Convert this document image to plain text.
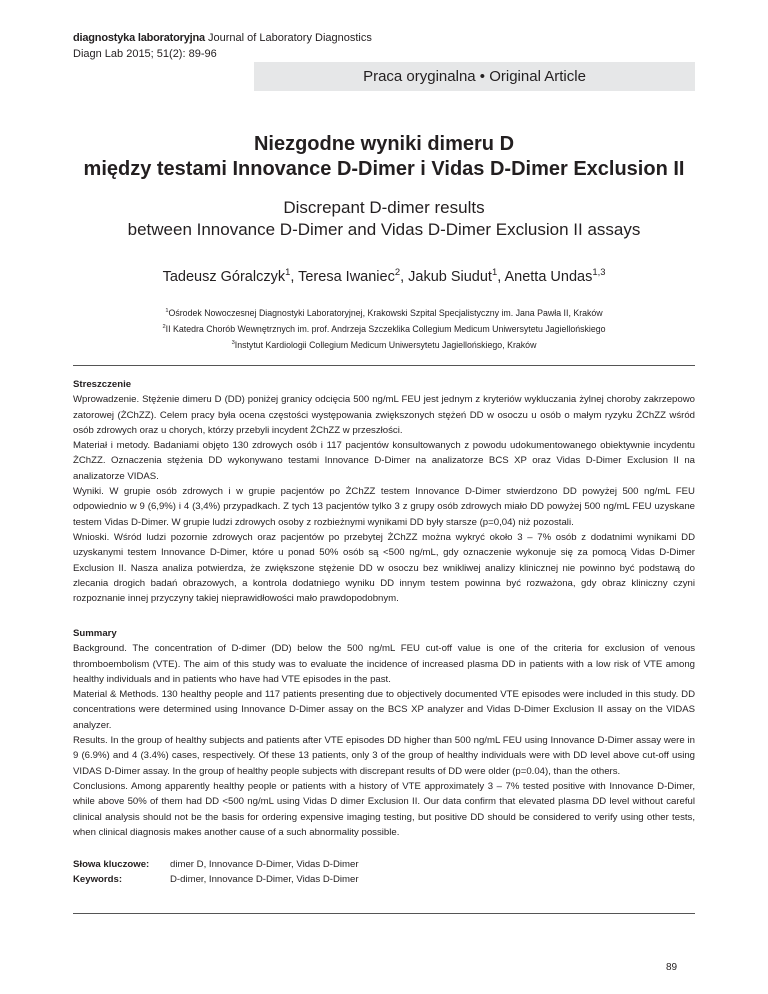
diagnostyka laboratoryjna Journal of Laboratory Diagnostics
Diagn Lab 2015; 51(2): 89-96
Praca oryginalna • Original Article
Niezgodne wyniki dimeru D
między testami Innovance D-Dimer i Vidas D-Dimer Exclusion II
Discrepant D-dimer results
between Innovance D-Dimer and Vidas D-Dimer Exclusion II assays
Tadeusz Góralczyk$^1$, Teresa Iwaniec$^2$, Jakub Siudut$^1$, Anetta Undas$^{1,3}$
$^1$Ośrodek Nowoczesnej Diagnostyki Laboratoryjnej, Krakowski Szpital Specjalistyczny im. Jana Pawła II, Kraków
$^2$II Katedra Chorób Wewnętrznych im. prof. Andrzeja Szczeklika Collegium Medicum Uniwersytetu Jagiellońskiego
$^3$Instytut Kardiologii Collegium Medicum Uniwersytetu Jagiellońskiego, Kraków

Streszczenie

Wprowadzenie. Stężenie dimeru D (DD) poniżej granicy odcięcia 500 ng/mL FEU jest jednym z kryteriów wykluczania żylnej choroby zakrzepowo zatorowej (ŻChZZ). Celem pracy była ocena częstości występowania zwiększonych stężeń DD w osoczu u osób o małym ryzyku ŻChZZ wśród osób zdrowych oraz u chorych, którzy przebyli incydent ŻChZZ w przeszłości.

Materiał i metody. Badaniami objęto 130 zdrowych osób i 117 pacjentów konsultowanych z powodu udokumentowanego obiektywnie incydentu ŻChZZ. Oznaczenia stężenia DD wykonywano testami Innovance D-Dimer na analizatorze BCS XP oraz Vidas D-Dimer Exclusion II na analizatorze VIDAS.

Wyniki. W grupie osób zdrowych i w grupie pacjentów po ŻChZZ testem Innovance D-Dimer stwierdzono DD powyżej 500 ng/mL FEU odpowiednio w 9 (6,9%) i 4 (3,4%) przypadkach. Z tych 13 pacjentów tylko 3 z grupy osób zdrowych miało DD powyżej 500 ng/mL FEU uzyskane testem Vidas D-Dimer. W grupie ludzi zdrowych osoby z rozbieżnymi wynikami DD były starsze (p=0,04) niż pozostali.

Wnioski. Wśród ludzi pozornie zdrowych oraz pacjentów po przebytej ŻChZZ można wykryć około 3 – 7% osób z dodatnimi wynikami DD uzyskanymi testem Innovance D-Dimer, które u ponad 50% osób są <500 ng/mL, gdy oznaczenie wykonuje się za pomocą Vidas D-Dimer Exclusion II. Nasza analiza potwierdza, że zwiększone stężenie DD w osoczu bez wnikliwej analizy klinicznej nie powinno być podstawą do zlecania drogich badań obrazowych, a kontrola dodatniego wyniku DD innym testem powinna być rozważona, gdy obraz kliniczny czyni rozpoznanie innej przyczyny takiej nieprawidłowości mało prawdopodobnym.

Summary

Background. The concentration of D-dimer (DD) below the 500 ng/mL FEU cut-off value is one of the criteria for exclusion of venous thromboembolism (VTE). The aim of this study was to evaluate the incidence of increased plasma DD in patients with a low risk of VTE among healthy individuals and in patients who have had VTE episodes in the past.

Material & Methods. 130 healthy people and 117 patients presenting due to objectively documented VTE episodes were included in this study. DD concentrations were determined using Innovance D-Dimer assay on the BCS XP analyzer and Vidas D-Dimer Exclusion II assay on the VIDAS analyzer.

Results. In the group of healthy subjects and patients after VTE episodes DD higher than 500 ng/mL FEU using Innovance D-Dimer assay were in 9 (6.9%) and 4 (3.4%) cases, respectively. Of these 13 patients, only 3 of the group of healthy individuals were with DD level above cut-off using VIDAS D-Dimer assay. In the group of healthy people subjects with discrepant results of DD were older (p=0.04), than the others.

Conclusions. Among apparently healthy people or patients with a history of VTE approximately 3 – 7% tested positive with Innovance D-Dimer, while above 50% of them had DD <500 ng/mL using Vidas D dimer Exclusion II. Our data confirm that elevated plasma DD level without careful clinical analysis should not be the basis for ordering expensive imaging testing, but positive DD should be considered to verify using other tests, when clinical diagnosis makes another cause of a such abnormality possible.

Słowa kluczowe:	dimer D, Innovance D-Dimer, Vidas D-Dimer
Keywords:	D-dimer, Innovance D-Dimer, Vidas D-Dimer
89
